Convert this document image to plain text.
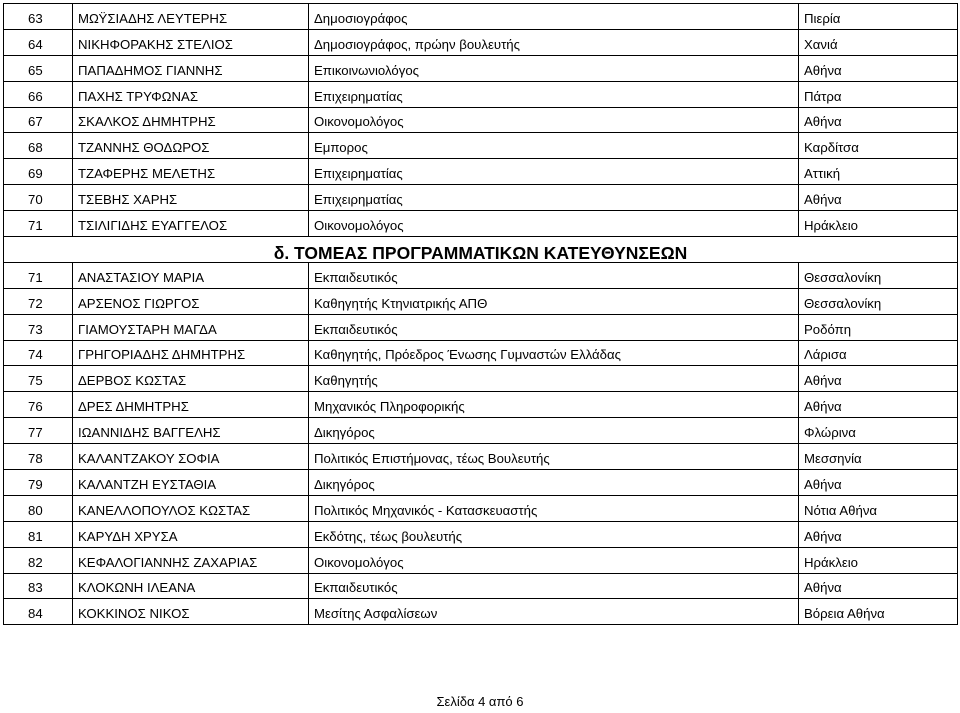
63	ΜΩΫΣΙΑΔΗΣ ΛΕΥΤΕΡΗΣ	Δημοσιογράφος	Πιερία
64	ΝΙΚΗΦΟΡΑΚΗΣ ΣΤΕΛΙΟΣ	Δημοσιογράφος, πρώην βουλευτής	Χανιά
65	ΠΑΠΑΔΗΜΟΣ ΓΙΑΝΝΗΣ	Επικοινωνιολόγος	Αθήνα
66	ΠΑΧΗΣ ΤΡΥΦΩΝΑΣ	Επιχειρηματίας	Πάτρα
67	ΣΚΑΛΚΟΣ ΔΗΜΗΤΡΗΣ	Οικονομολόγος	Αθήνα
68	ΤΖΑΝΝΗΣ ΘΟΔΩΡΟΣ	Εμπορος	Καρδίτσα
69	ΤΖΑΦΕΡΗΣ ΜΕΛΕΤΗΣ	Επιχειρηματίας	Αττική
70	ΤΣΕΒΗΣ ΧΑΡΗΣ	Επιχειρηματίας	Αθήνα
71	ΤΣΙΛΙΓΙΔΗΣ ΕΥΑΓΓΕΛΟΣ	Οικονομολόγος	Ηράκλειο
δ. ΤΟΜΕΑΣ ΠΡΟΓΡΑΜΜΑΤΙΚΩΝ ΚΑΤΕΥΘΥΝΣΕΩΝ			
71	ΑΝΑΣΤΑΣΙΟΥ ΜΑΡΙΑ	Εκπαιδευτικός	Θεσσαλονίκη
72	ΑΡΣΕΝΟΣ ΓΙΩΡΓΟΣ	Καθηγητής Κτηνιατρικής ΑΠΘ	Θεσσαλονίκη
73	ΓΙΑΜΟΥΣΤΑΡΗ ΜΑΓΔΑ	Εκπαιδευτικός	Ροδόπη
74	ΓΡΗΓΟΡΙΑΔΗΣ ΔΗΜΗΤΡΗΣ	Καθηγητής, Πρόεδρος Ένωσης Γυμναστών Ελλάδας	Λάρισα
75	ΔΕΡΒΟΣ ΚΩΣΤΑΣ	Καθηγητής	Αθήνα
76	ΔΡΕΣ ΔΗΜΗΤΡΗΣ	Μηχανικός Πληροφορικής	Αθήνα
77	ΙΩΑΝΝΙΔΗΣ ΒΑΓΓΕΛΗΣ	Δικηγόρος	Φλώρινα
78	ΚΑΛΑΝΤΖΑΚΟΥ ΣΟΦΙΑ	Πολιτικός Επιστήμονας, τέως Βουλευτής	Μεσσηνία
79	ΚΑΛΑΝΤΖΗ ΕΥΣΤΑΘΙΑ	Δικηγόρος	Αθήνα
80	ΚΑΝΕΛΛΟΠΟΥΛΟΣ ΚΩΣΤΑΣ	Πολιτικός Μηχανικός - Κατασκευαστής	Νότια Αθήνα
81	ΚΑΡΥΔΗ ΧΡΥΣΑ	Εκδότης, τέως βουλευτής	Αθήνα
82	ΚΕΦΑΛΟΓΙΑΝΝΗΣ ΖΑΧΑΡΙΑΣ	Οικονομολόγος	Ηράκλειο
83	ΚΛΟΚΩΝΗ ΙΛΕΑΝΑ	Εκπαιδευτικός	Αθήνα
84	ΚΟΚΚΙΝΟΣ ΝΙΚΟΣ	Μεσίτης Ασφαλίσεων	Βόρεια Αθήνα
Σελίδα 4 από 6
